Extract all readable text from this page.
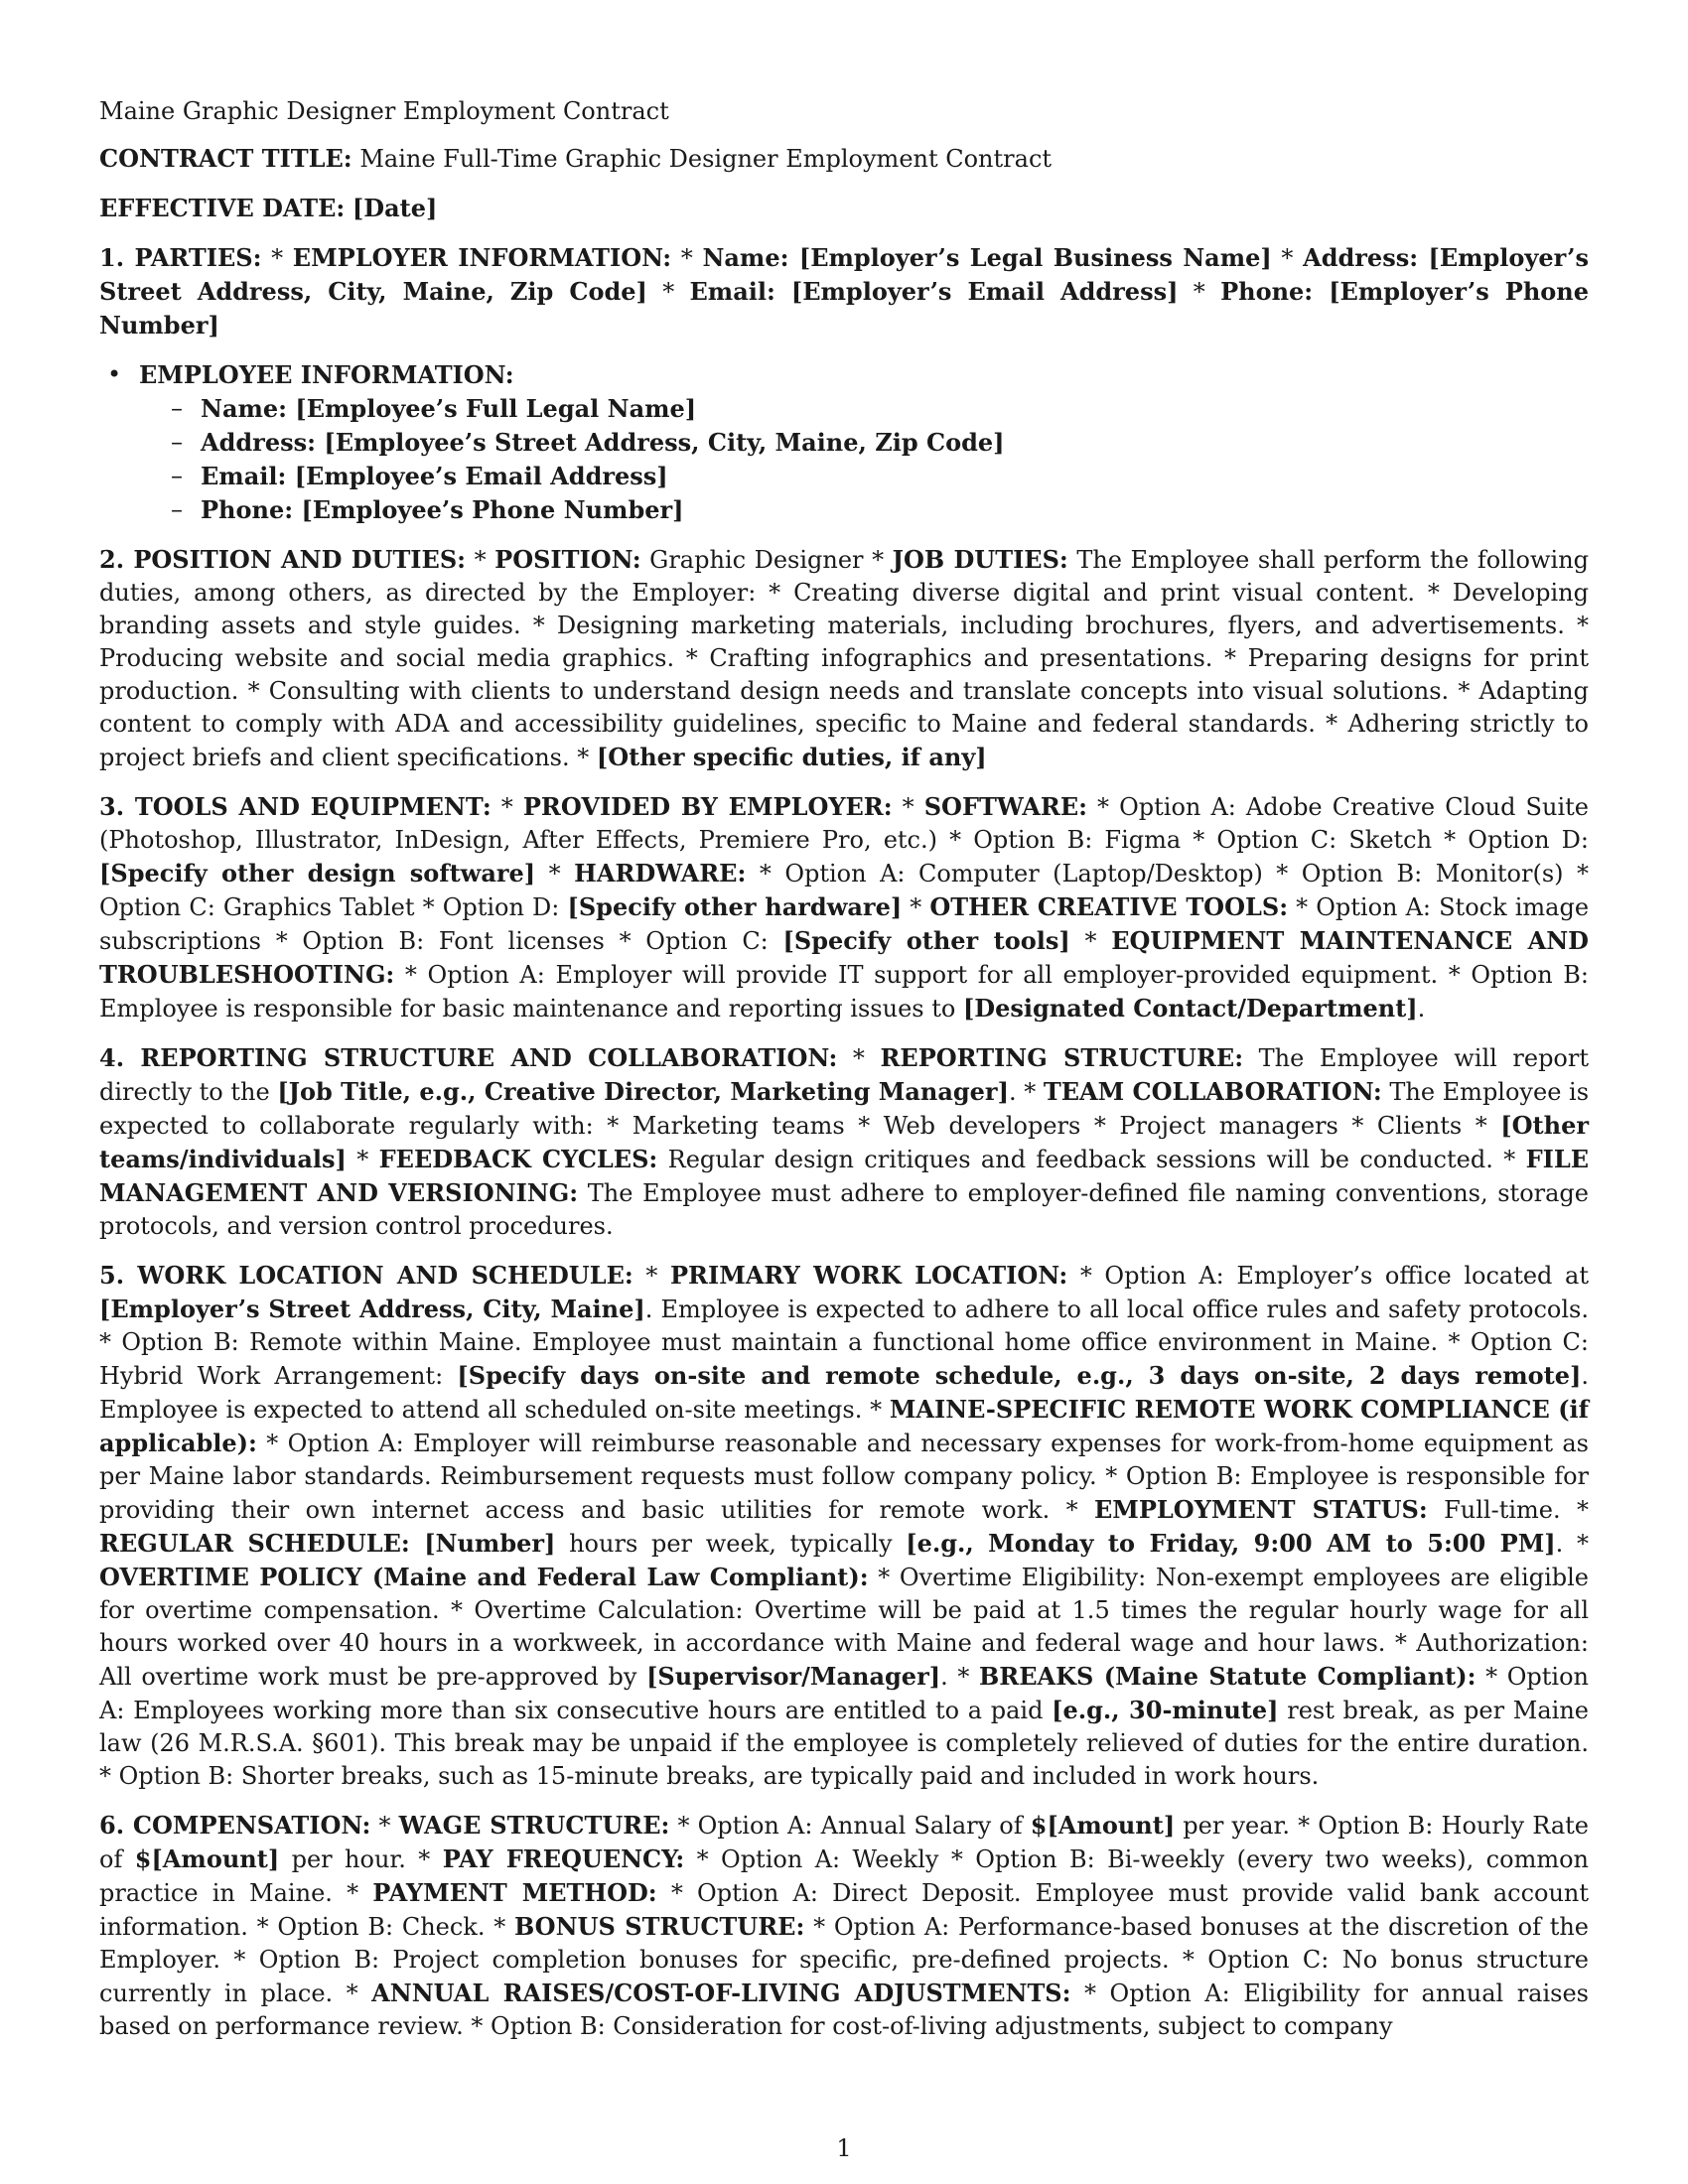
Maine Graphic Designer Employment Contract

CONTRACT TITLE: Maine Full-Time Graphic Designer Employment Contract

EFFECTIVE DATE: [Date]

1. PARTIES: * EMPLOYER INFORMATION: * Name: [Employer’s Legal Business Name] * Address: [Employer’s Street Address, City, Maine, Zip Code] * Email: [Employer’s Email Address] * Phone: [Employer’s Phone Number]

• EMPLOYEE INFORMATION:
– Name: [Employee’s Full Legal Name]
– Address: [Employee’s Street Address, City, Maine, Zip Code]
– Email: [Employee’s Email Address]
– Phone: [Employee’s Phone Number]

2. POSITION AND DUTIES: * POSITION: Graphic Designer * JOB DUTIES: The Employee shall perform the following duties, among others, as directed by the Employer: * Creating diverse digital and print visual content. * Developing branding assets and style guides. * Designing marketing materials, including brochures, flyers, and advertisements. * Producing website and social media graphics. * Crafting infographics and presentations. * Preparing designs for print production. * Consulting with clients to understand design needs and translate concepts into visual solutions. * Adapting content to comply with ADA and accessibility guidelines, specific to Maine and federal standards. * Adhering strictly to project briefs and client specifications. * [Other specific duties, if any]

3. TOOLS AND EQUIPMENT: * PROVIDED BY EMPLOYER: * SOFTWARE: * Option A: Adobe Creative Cloud Suite (Photoshop, Illustrator, InDesign, After Effects, Premiere Pro, etc.) * Option B: Figma * Option C: Sketch * Option D: [Specify other design software] * HARDWARE: * Option A: Computer (Laptop/Desktop) * Option B: Monitor(s) * Option C: Graphics Tablet * Option D: [Specify other hardware] * OTHER CREATIVE TOOLS: * Option A: Stock image subscriptions * Option B: Font licenses * Option C: [Specify other tools] * EQUIPMENT MAINTENANCE AND TROUBLESHOOTING: * Option A: Employer will provide IT support for all employer-provided equipment. * Option B: Employee is responsible for basic maintenance and reporting issues to [Designated Contact/Department].

4. REPORTING STRUCTURE AND COLLABORATION: * REPORTING STRUCTURE: The Employee will report directly to the [Job Title, e.g., Creative Director, Marketing Manager]. * TEAM COLLABORATION: The Employee is expected to collaborate regularly with: * Marketing teams * Web developers * Project managers * Clients * [Other teams/individuals] * FEEDBACK CYCLES: Regular design critiques and feedback sessions will be conducted. * FILE MANAGEMENT AND VERSIONING: The Employee must adhere to employer-defined file naming conventions, storage protocols, and version control procedures.

5. WORK LOCATION AND SCHEDULE: * PRIMARY WORK LOCATION: * Option A: Employer’s office located at [Employer’s Street Address, City, Maine]. Employee is expected to adhere to all local office rules and safety protocols. * Option B: Remote within Maine. Employee must maintain a functional home office environment in Maine. * Option C: Hybrid Work Arrangement: [Specify days on-site and remote schedule, e.g., 3 days on-site, 2 days remote]. Employee is expected to attend all scheduled on-site meetings. * MAINE-SPECIFIC REMOTE WORK COMPLIANCE (if applicable): * Option A: Employer will reimburse reasonable and necessary expenses for work-from-home equipment as per Maine labor standards. Reimbursement requests must follow company policy. * Option B: Employee is responsible for providing their own internet access and basic utilities for remote work. * EMPLOYMENT STATUS: Full-time. * REGULAR SCHEDULE: [Number] hours per week, typically [e.g., Monday to Friday, 9:00 AM to 5:00 PM]. * OVERTIME POLICY (Maine and Federal Law Compliant): * Overtime Eligibility: Non-exempt employees are eligible for overtime compensation. * Overtime Calculation: Overtime will be paid at 1.5 times the regular hourly wage for all hours worked over 40 hours in a workweek, in accordance with Maine and federal wage and hour laws. * Authorization: All overtime work must be pre-approved by [Supervisor/Manager]. * BREAKS (Maine Statute Compliant): * Option A: Employees working more than six consecutive hours are entitled to a paid [e.g., 30-minute] rest break, as per Maine law (26 M.R.S.A. §601). This break may be unpaid if the employee is completely relieved of duties for the entire duration. * Option B: Shorter breaks, such as 15-minute breaks, are typically paid and included in work hours.

6. COMPENSATION: * WAGE STRUCTURE: * Option A: Annual Salary of $[Amount] per year. * Option B: Hourly Rate of $[Amount] per hour. * PAY FREQUENCY: * Option A: Weekly * Option B: Bi-weekly (every two weeks), common practice in Maine. * PAYMENT METHOD: * Option A: Direct Deposit. Employee must provide valid bank account information. * Option B: Check. * BONUS STRUCTURE: * Option A: Performance-based bonuses at the discretion of the Employer. * Option B: Project completion bonuses for specific, pre-defined projects. * Option C: No bonus structure currently in place. * ANNUAL RAISES/COST-OF-LIVING ADJUSTMENTS: * Option A: Eligibility for annual raises based on performance review. * Option B: Consideration for cost-of-living adjustments, subject to company

1
